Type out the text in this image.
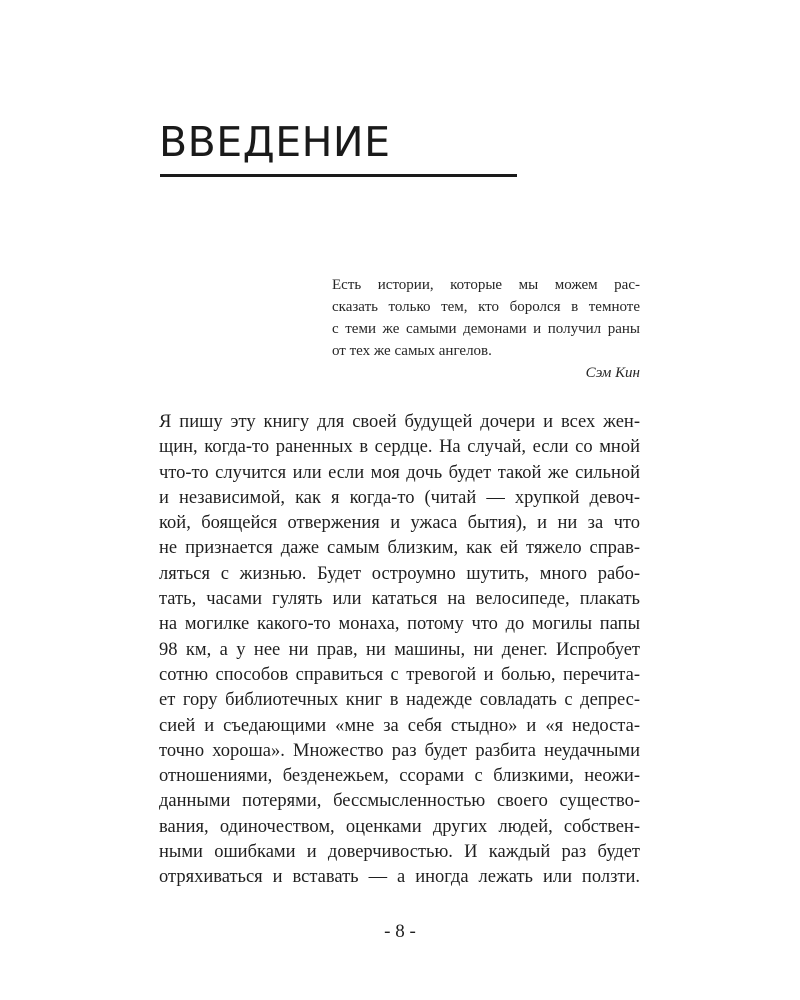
ВВЕДЕНИЕ
Есть истории, которые мы можем рас-
сказать только тем, кто боролся в темноте
с теми же самыми демонами и получил раны
от тех же самых ангелов.
Сэм Кин
Я пишу эту книгу для своей будущей дочери и всех жен-
щин, когда-то раненных в сердце. На случай, если со мной
что-то случится или если моя дочь будет такой же сильной
и независимой, как я когда-то (читай — хрупкой девоч-
кой, боящейся отвержения и ужаса бытия), и ни за что
не признается даже самым близким, как ей тяжело справ-
ляться с жизнью. Будет остроумно шутить, много рабо-
тать, часами гулять или кататься на велосипеде, плакать
на могилке какого-то монаха, потому что до могилы папы
98 км, а у нее ни прав, ни машины, ни денег. Испробует
сотню способов справиться с тревогой и болью, перечита-
ет гору библиотечных книг в надежде совладать с депрес-
сией и съедающими «мне за себя стыдно» и «я недоста-
точно хороша». Множество раз будет разбита неудачными
отношениями, безденежьем, ссорами с близкими, неожи-
данными потерями, бессмысленностью своего существо-
вания, одиночеством, оценками других людей, собствен-
ными ошибками и доверчивостью. И каждый раз будет
отряхиваться и вставать — а иногда лежать или ползти.
- 8 -
